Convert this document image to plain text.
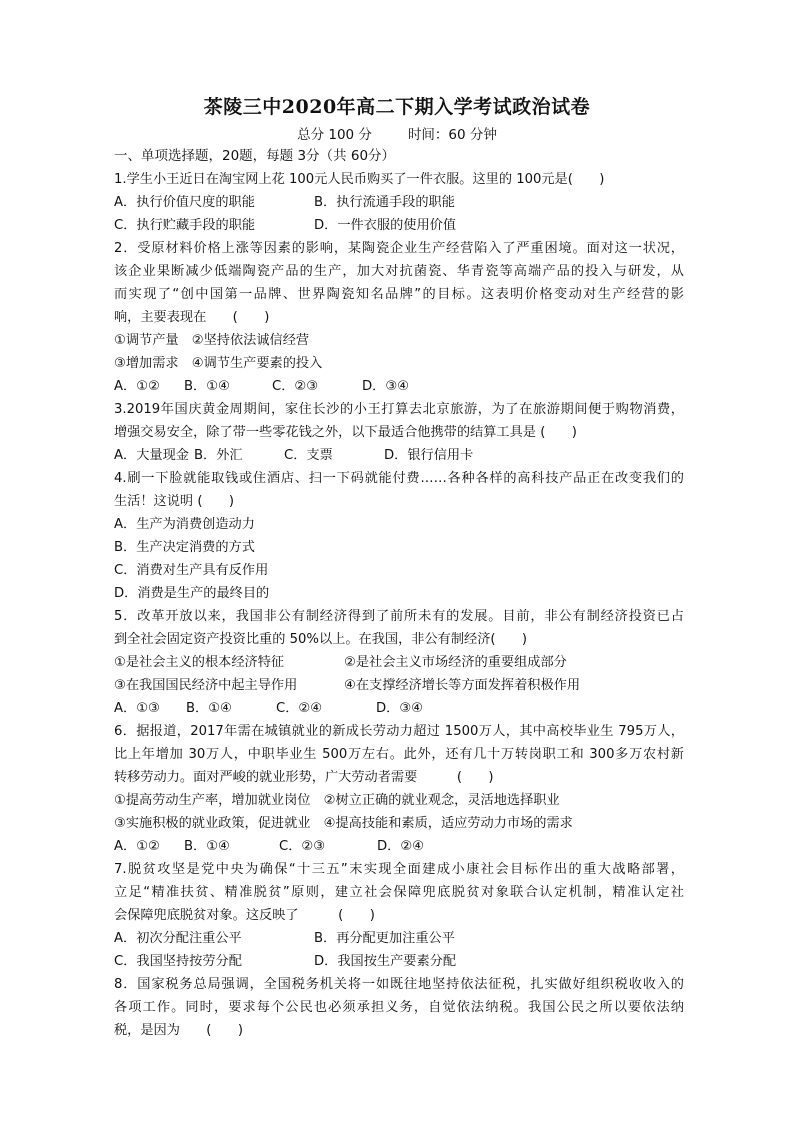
茶陵三中2020年高二下期入学考试政治试卷
总分 100 分	时间：60 分钟
一、单项选择题，20题，每题 3分（共 60分）
1.学生小王近日在淘宝网上花 100元人民币购买了一件衣服。这里的 100元是(　　)
A．执行价值尺度的职能	B．执行流通手段的职能
C．执行贮藏手段的职能	D．一件衣服的使用价值
2．受原材料价格上涨等因素的影响，某陶瓷企业生产经营陷入了严重困境。面对这一状况，
该企业果断减少低端陶瓷产品的生产，加大对抗菌瓷、华青瓷等高端产品的投入与研发，从
而实现了“创中国第一品牌、世界陶瓷知名品牌”的目标。这表明价格变动对生产经营的影
响，主要表现在　　(　　)
①调节产量　②坚持依法诚信经营
③增加需求　④调节生产要素的投入
A．①②	B．①④	C．②③	D．③④
3.2019年国庆黄金周期间，家住长沙的小王打算去北京旅游，为了在旅游期间便于购物消费，
增强交易安全，除了带一些零花钱之外，以下最适合他携带的结算工具是 (　　)
A．大量现金 B．外汇	C．支票	D．银行信用卡
4.刷一下脸就能取钱或住酒店、扫一下码就能付费……各种各样的高科技产品正在改变我们的
生活！这说明 (　　)
A．生产为消费创造动力
B．生产决定消费的方式
C．消费对生产具有反作用
D．消费是生产的最终目的
5．改革开放以来，我国非公有制经济得到了前所未有的发展。目前，非公有制经济投资已占
到全社会固定资产投资比重的 50%以上。在我国，非公有制经济(　　)
①是社会主义的根本经济特征	②是社会主义市场经济的重要组成部分
③在我国国民经济中起主导作用	④在支撑经济增长等方面发挥着积极作用
A．①③	B．①④	C．②④	D．③④
6．据报道，2017年需在城镇就业的新成长劳动力超过 1500万人，其中高校毕业生 795万人，
比上年增加 30万人，中职毕业生 500万左右。此外，还有几十万转岗职工和 300多万农村新
转移劳动力。面对严峻的就业形势，广大劳动者需要　　　(　　)
①提高劳动生产率，增加就业岗位　②树立正确的就业观念，灵活地选择职业
③实施积极的就业政策，促进就业　④提高技能和素质，适应劳动力市场的需求
A．①②	B．①④	C．②③	D．②④
7.脱贫攻坚是党中央为确保“十三五”末实现全面建成小康社会目标作出的重大战略部署，
立足“精准扶贫、精准脱贫”原则，建立社会保障兜底脱贫对象联合认定机制，精准认定社
会保障兜底脱贫对象。这反映了　　　(　　)
A．初次分配注重公平	B．再分配更加注重公平
C．我国坚持按劳分配	D．我国按生产要素分配
8．国家税务总局强调，全国税务机关将一如既往地坚持依法征税，扎实做好组织税收收入的
各项工作。同时，要求每个公民也必须承担义务，自觉依法纳税。我国公民之所以要依法纳
税，是因为　　(　　)
